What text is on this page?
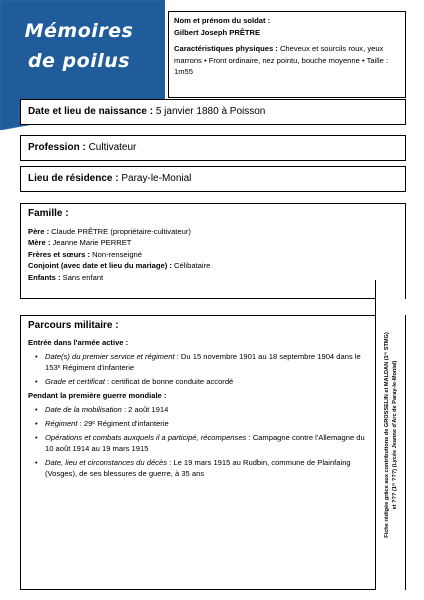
Mémoires
de poilus
Nom et prénom du soldat :
Gilbert Joseph PRÊTRE
Caractéristiques physiques : Cheveux et sourcils roux, yeux marrons • Front ordinaire, nez pointu, bouche moyenne • Taille : 1m55
Date et lieu de naissance : 5 janvier 1880 à Poisson
Profession : Cultivateur
Lieu de résidence : Paray-le-Monial
Famille :
Père : Claude PRÊTRE (propriétaire-cultivateur)
Mère : Jeanne Marie PERRET
Frères et sœurs : Non-renseigné
Conjoint (avec date et lieu du mariage) : Célibataire
Enfants : Sans enfant
Parcours militaire :
Entrée dans l'armée active :
• Date(s) du premier service et régiment : Du 15 novembre 1901 au 18 septembre 1904 dans le 153ᵉ Régiment d'infanterie
• Grade et certificat : certificat de bonne conduite accordé
Pendant la première guerre mondiale :
• Date de la mobilisation : 2 août 1914
• Régiment : 29ᵉ Régiment d'infanterie
• Opérations et combats auxquels il a participé, récompenses : Campagne contre l'Allemagne du 10 août 1914 au 19 mars 1915
• Date, lieu et circonstances du décès : Le 19 mars 1915 au Rudbin, commune de Plainfaing (Vosges), de ses blessures de guerre, à 35 ans	Fiche rédigée grâce aux contributions de GROSSELIN et MALDAN (1ʳᵉ STMG) et ??? (1ʳᵉ ???) (Lycée Jeanne d'Arc de Paray-le-Monial)
